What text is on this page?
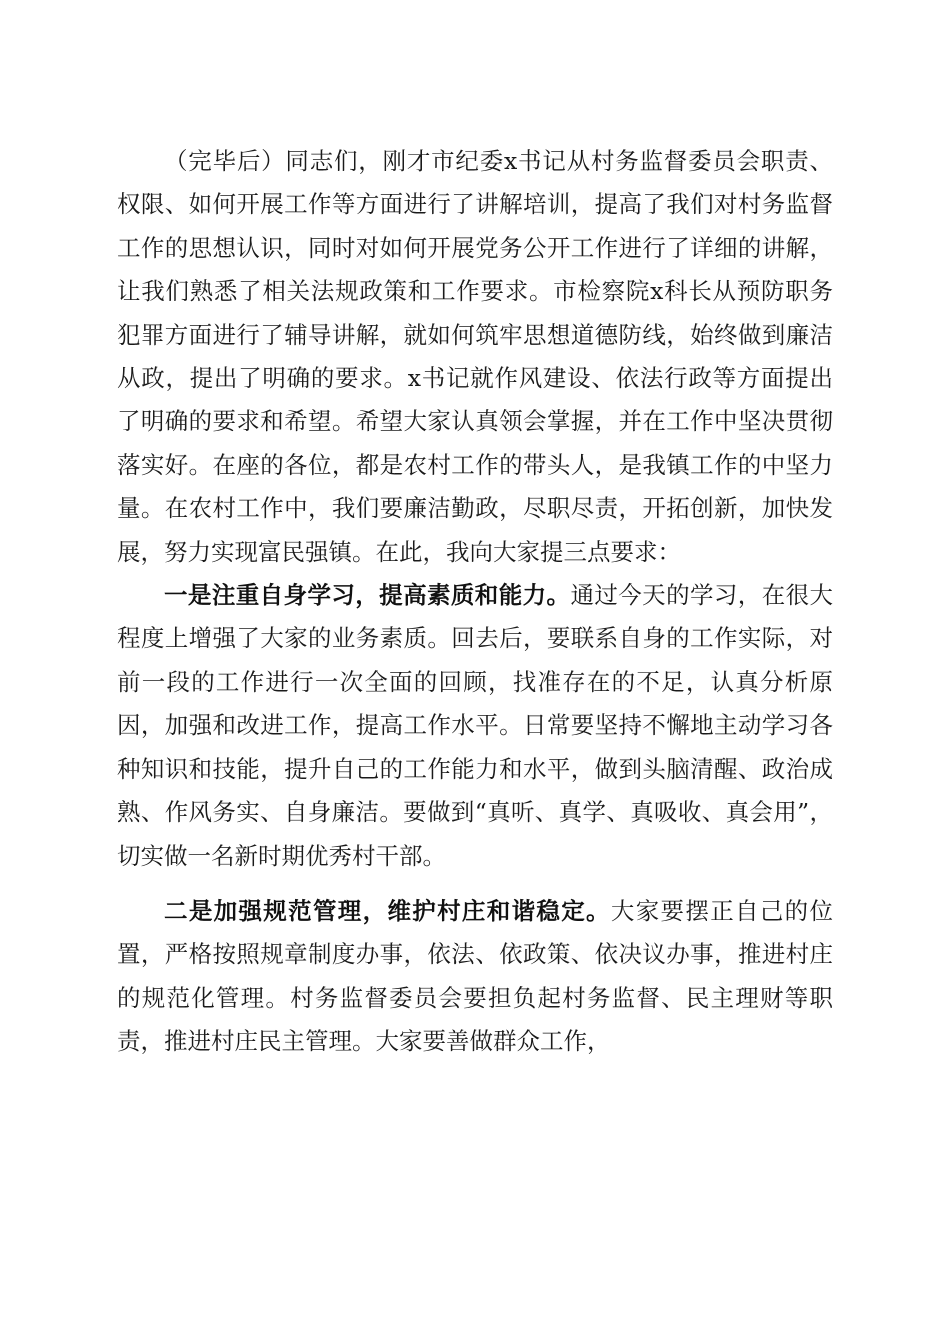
（完毕后）同志们，刚才市纪委x书记从村务监督委员会职责、权限、如何开展工作等方面进行了讲解培训，提高了我们对村务监督工作的思想认识，同时对如何开展党务公开工作进行了详细的讲解，让我们熟悉了相关法规政策和工作要求。市检察院x科长从预防职务犯罪方面进行了辅导讲解，就如何筑牢思想道德防线，始终做到廉洁从政，提出了明确的要求。x书记就作风建设、依法行政等方面提出了明确的要求和希望。希望大家认真领会掌握，并在工作中坚决贯彻落实好。在座的各位，都是农村工作的带头人，是我镇工作的中坚力量。在农村工作中，我们要廉洁勤政，尽职尽责，开拓创新，加快发展，努力实现富民强镇。在此，我向大家提三点要求：

一是注重自身学习，提高素质和能力。通过今天的学习，在很大程度上增强了大家的业务素质。回去后，要联系自身的工作实际，对前一段的工作进行一次全面的回顾，找准存在的不足，认真分析原因，加强和改进工作，提高工作水平。日常要坚持不懈地主动学习各种知识和技能，提升自己的工作能力和水平，做到头脑清醒、政治成熟、作风务实、自身廉洁。要做到“真听、真学、真吸收、真会用”，切实做一名新时期优秀村干部。

二是加强规范管理，维护村庄和谐稳定。大家要摆正自己的位置，严格按照规章制度办事，依法、依政策、依决议办事，推进村庄的规范化管理。村务监督委员会要担负起村务监督、民主理财等职责，推进村庄民主管理。大家要善做群众工作，
